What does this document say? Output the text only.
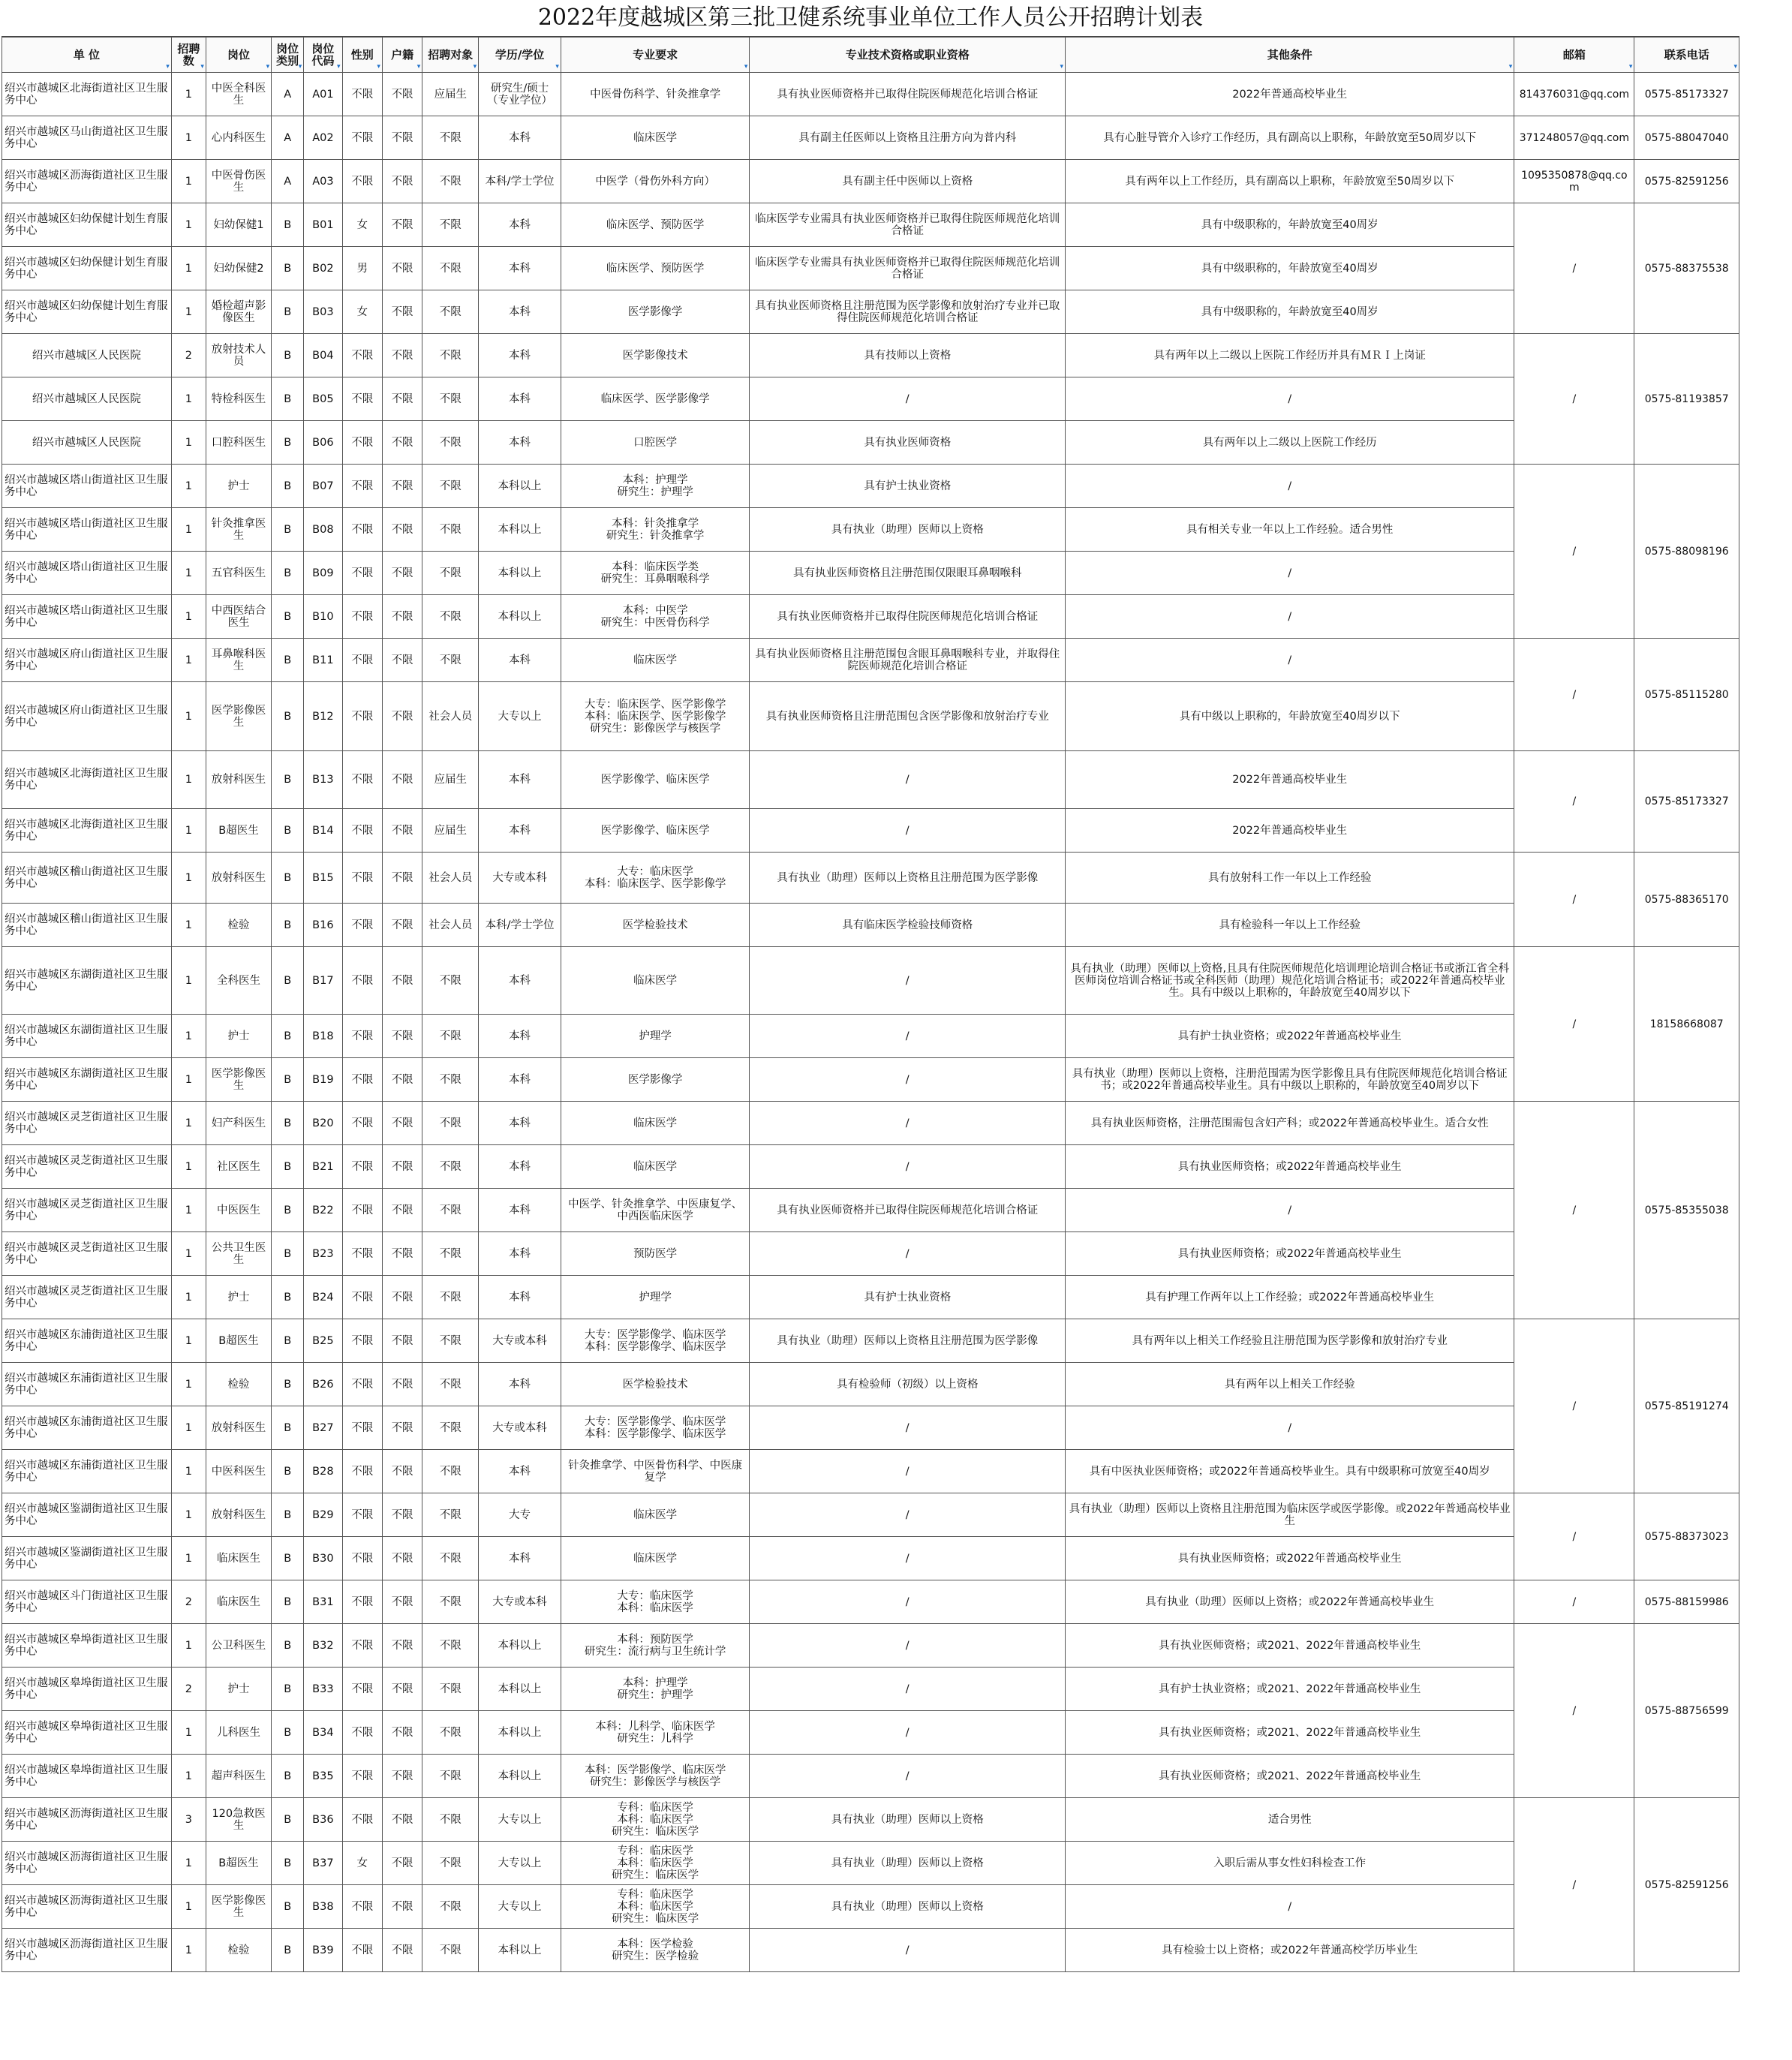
2022年度越城区第三批卫健系统事业单位工作人员公开招聘计划表
单 位
▾	招聘数 ▾	岗位
▾	岗位类别 ▾	岗位代码 ▾	性别
▾	户籍
▾	招聘对象
▾	学历/学位
▾	专业要求
▾	专业技术资格或职业资格
▾	其他条件
▾	邮箱
▾	联系电话
▾

绍兴市越城区北海街道社区卫生服务中心	1	中医全科医生	A	A01	不限	不限	应届生	研究生/硕士（专业学位）	中医骨伤科学、针灸推拿学	具有执业医师资格并已取得住院医师规范化培训合格证	2022年普通高校毕业生	814376031@qq.com	0575-85173327
绍兴市越城区马山街道社区卫生服务中心	1	心内科医生	A	A02	不限	不限	不限	本科	临床医学	具有副主任医师以上资格且注册方向为普内科	具有心脏导管介入诊疗工作经历，具有副高以上职称，年龄放宽至50周岁以下	371248057@qq.com	0575-88047040
绍兴市越城区沥海街道社区卫生服务中心	1	中医骨伤医生	A	A03	不限	不限	不限	本科/学士学位	中医学（骨伤外科方向）	具有副主任中医师以上资格	具有两年以上工作经历，具有副高以上职称，年龄放宽至50周岁以下	1095350878@qq.com	0575-82591256
绍兴市越城区妇幼保健计划生育服务中心	1	妇幼保健1	B	B01	女	不限	不限	本科	临床医学、预防医学	临床医学专业需具有执业医师资格并已取得住院医师规范化培训合格证	具有中级职称的，年龄放宽至40周岁	/	0575-88375538
绍兴市越城区妇幼保健计划生育服务中心	1	妇幼保健2	B	B02	男	不限	不限	本科	临床医学、预防医学	临床医学专业需具有执业医师资格并已取得住院医师规范化培训合格证	具有中级职称的，年龄放宽至40周岁		
绍兴市越城区妇幼保健计划生育服务中心	1	婚检超声影像医生	B	B03	女	不限	不限	本科	医学影像学	具有执业医师资格且注册范围为医学影像和放射治疗专业并已取得住院医师规范化培训合格证	具有中级职称的，年龄放宽至40周岁		
绍兴市越城区人民医院	2	放射技术人员	B	B04	不限	不限	不限	本科	医学影像技术	具有技师以上资格	具有两年以上二级以上医院工作经历并具有ＭＲＩ上岗证	/	0575-81193857
绍兴市越城区人民医院	1	特检科医生	B	B05	不限	不限	不限	本科	临床医学、医学影像学	/	/		
绍兴市越城区人民医院	1	口腔科医生	B	B06	不限	不限	不限	本科	口腔医学	具有执业医师资格	具有两年以上二级以上医院工作经历		
绍兴市越城区塔山街道社区卫生服务中心	1	护士	B	B07	不限	不限	不限	本科以上	本科：护理学
研究生：护理学	具有护士执业资格	/	/	0575-88098196
绍兴市越城区塔山街道社区卫生服务中心	1	针灸推拿医生	B	B08	不限	不限	不限	本科以上	本科：针灸推拿学
研究生：针灸推拿学	具有执业（助理）医师以上资格	具有相关专业一年以上工作经验。适合男性		
绍兴市越城区塔山街道社区卫生服务中心	1	五官科医生	B	B09	不限	不限	不限	本科以上	本科：临床医学类
研究生：耳鼻咽喉科学	具有执业医师资格且注册范围仅限眼耳鼻咽喉科	/		
绍兴市越城区塔山街道社区卫生服务中心	1	中西医结合医生	B	B10	不限	不限	不限	本科以上	本科：中医学
研究生：中医骨伤科学	具有执业医师资格并已取得住院医师规范化培训合格证	/		
绍兴市越城区府山街道社区卫生服务中心	1	耳鼻喉科医生	B	B11	不限	不限	不限	本科	临床医学	具有执业医师资格且注册范围包含眼耳鼻咽喉科专业，并取得住院医师规范化培训合格证	/	/	0575-85115280
绍兴市越城区府山街道社区卫生服务中心	1	医学影像医生	B	B12	不限	不限	社会人员	大专以上	大专：临床医学、医学影像学
本科：临床医学、医学影像学
研究生：影像医学与核医学	具有执业医师资格且注册范围包含医学影像和放射治疗专业	具有中级以上职称的，年龄放宽至40周岁以下		
绍兴市越城区北海街道社区卫生服务中心	1	放射科医生	B	B13	不限	不限	应届生	本科	医学影像学、临床医学	/	2022年普通高校毕业生	/	0575-85173327
绍兴市越城区北海街道社区卫生服务中心	1	B超医生	B	B14	不限	不限	应届生	本科	医学影像学、临床医学	/	2022年普通高校毕业生		
绍兴市越城区稽山街道社区卫生服务中心	1	放射科医生	B	B15	不限	不限	社会人员	大专或本科	大专：临床医学
本科：临床医学、医学影像学	具有执业（助理）医师以上资格且注册范围为医学影像	具有放射科工作一年以上工作经验	/	0575-88365170
绍兴市越城区稽山街道社区卫生服务中心	1	检验	B	B16	不限	不限	社会人员	本科/学士学位	医学检验技术	具有临床医学检验技师资格	具有检验科一年以上工作经验		
绍兴市越城区东湖街道社区卫生服务中心	1	全科医生	B	B17	不限	不限	不限	本科	临床医学	/	具有执业（助理）医师以上资格,且具有住院医师规范化培训理论培训合格证书或浙江省全科医师岗位培训合格证书或全科医师（助理）规范化培训合格证书；或2022年普通高校毕业生。具有中级以上职称的，年龄放宽至40周岁以下	/	18158668087
绍兴市越城区东湖街道社区卫生服务中心	1	护士	B	B18	不限	不限	不限	本科	护理学	/	具有护士执业资格；或2022年普通高校毕业生		
绍兴市越城区东湖街道社区卫生服务中心	1	医学影像医生	B	B19	不限	不限	不限	本科	医学影像学	/	具有执业（助理）医师以上资格，注册范围需为医学影像且具有住院医师规范化培训合格证书；或2022年普通高校毕业生。具有中级以上职称的，年龄放宽至40周岁以下		
绍兴市越城区灵芝街道社区卫生服务中心	1	妇产科医生	B	B20	不限	不限	不限	本科	临床医学	/	具有执业医师资格，注册范围需包含妇产科；或2022年普通高校毕业生。适合女性	/	0575-85355038
绍兴市越城区灵芝街道社区卫生服务中心	1	社区医生	B	B21	不限	不限	不限	本科	临床医学	/	具有执业医师资格；或2022年普通高校毕业生		
绍兴市越城区灵芝街道社区卫生服务中心	1	中医医生	B	B22	不限	不限	不限	本科	中医学、针灸推拿学、中医康复学、中西医临床医学	具有执业医师资格并已取得住院医师规范化培训合格证	/		
绍兴市越城区灵芝街道社区卫生服务中心	1	公共卫生医生	B	B23	不限	不限	不限	本科	预防医学	/	具有执业医师资格；或2022年普通高校毕业生		
绍兴市越城区灵芝街道社区卫生服务中心	1	护士	B	B24	不限	不限	不限	本科	护理学	具有护士执业资格	具有护理工作两年以上工作经验；或2022年普通高校毕业生		
绍兴市越城区东浦街道社区卫生服务中心	1	B超医生	B	B25	不限	不限	不限	大专或本科	大专：医学影像学、临床医学
本科：医学影像学、临床医学	具有执业（助理）医师以上资格且注册范围为医学影像	具有两年以上相关工作经验且注册范围为医学影像和放射治疗专业	/	0575-85191274
绍兴市越城区东浦街道社区卫生服务中心	1	检验	B	B26	不限	不限	不限	本科	医学检验技术	具有检验师（初级）以上资格	具有两年以上相关工作经验		
绍兴市越城区东浦街道社区卫生服务中心	1	放射科医生	B	B27	不限	不限	不限	大专或本科	大专：医学影像学、临床医学
本科：医学影像学、临床医学	/	/		
绍兴市越城区东浦街道社区卫生服务中心	1	中医科医生	B	B28	不限	不限	不限	本科	针灸推拿学、中医骨伤科学、中医康复学	/	具有中医执业医师资格；或2022年普通高校毕业生。具有中级职称可放宽至40周岁		
绍兴市越城区鉴湖街道社区卫生服务中心	1	放射科医生	B	B29	不限	不限	不限	大专	临床医学	/	具有执业（助理）医师以上资格且注册范围为临床医学或医学影像。或2022年普通高校毕业生	/	0575-88373023
绍兴市越城区鉴湖街道社区卫生服务中心	1	临床医生	B	B30	不限	不限	不限	本科	临床医学	/	具有执业医师资格；或2022年普通高校毕业生		
绍兴市越城区斗门街道社区卫生服务中心	2	临床医生	B	B31	不限	不限	不限	大专或本科	大专：临床医学
本科：临床医学	/	具有执业（助理）医师以上资格；或2022年普通高校毕业生	/	0575-88159986
绍兴市越城区皋埠街道社区卫生服务中心	1	公卫科医生	B	B32	不限	不限	不限	本科以上	本科：预防医学
研究生：流行病与卫生统计学	/	具有执业医师资格；或2021、2022年普通高校毕业生	/	0575-88756599
绍兴市越城区皋埠街道社区卫生服务中心	2	护士	B	B33	不限	不限	不限	本科以上	本科：护理学
研究生：护理学	/	具有护士执业资格；或2021、2022年普通高校毕业生		
绍兴市越城区皋埠街道社区卫生服务中心	1	儿科医生	B	B34	不限	不限	不限	本科以上	本科：儿科学、临床医学
研究生：儿科学	/	具有执业医师资格；或2021、2022年普通高校毕业生		
绍兴市越城区皋埠街道社区卫生服务中心	1	超声科医生	B	B35	不限	不限	不限	本科以上	本科：医学影像学、临床医学
研究生：影像医学与核医学	/	具有执业医师资格；或2021、2022年普通高校毕业生		
绍兴市越城区沥海街道社区卫生服务中心	3	120急救医生	B	B36	不限	不限	不限	大专以上	专科：临床医学
本科：临床医学
研究生：临床医学	具有执业（助理）医师以上资格	适合男性	/	0575-82591256
绍兴市越城区沥海街道社区卫生服务中心	1	B超医生	B	B37	女	不限	不限	大专以上	专科：临床医学
本科：临床医学
研究生：临床医学	具有执业（助理）医师以上资格	入职后需从事女性妇科检查工作		
绍兴市越城区沥海街道社区卫生服务中心	1	医学影像医生	B	B38	不限	不限	不限	大专以上	专科：临床医学
本科：临床医学
研究生：临床医学	具有执业（助理）医师以上资格	/		
绍兴市越城区沥海街道社区卫生服务中心	1	检验	B	B39	不限	不限	不限	本科以上	本科：医学检验
研究生：医学检验	/	具有检验士以上资格；或2022年普通高校学历毕业生		
